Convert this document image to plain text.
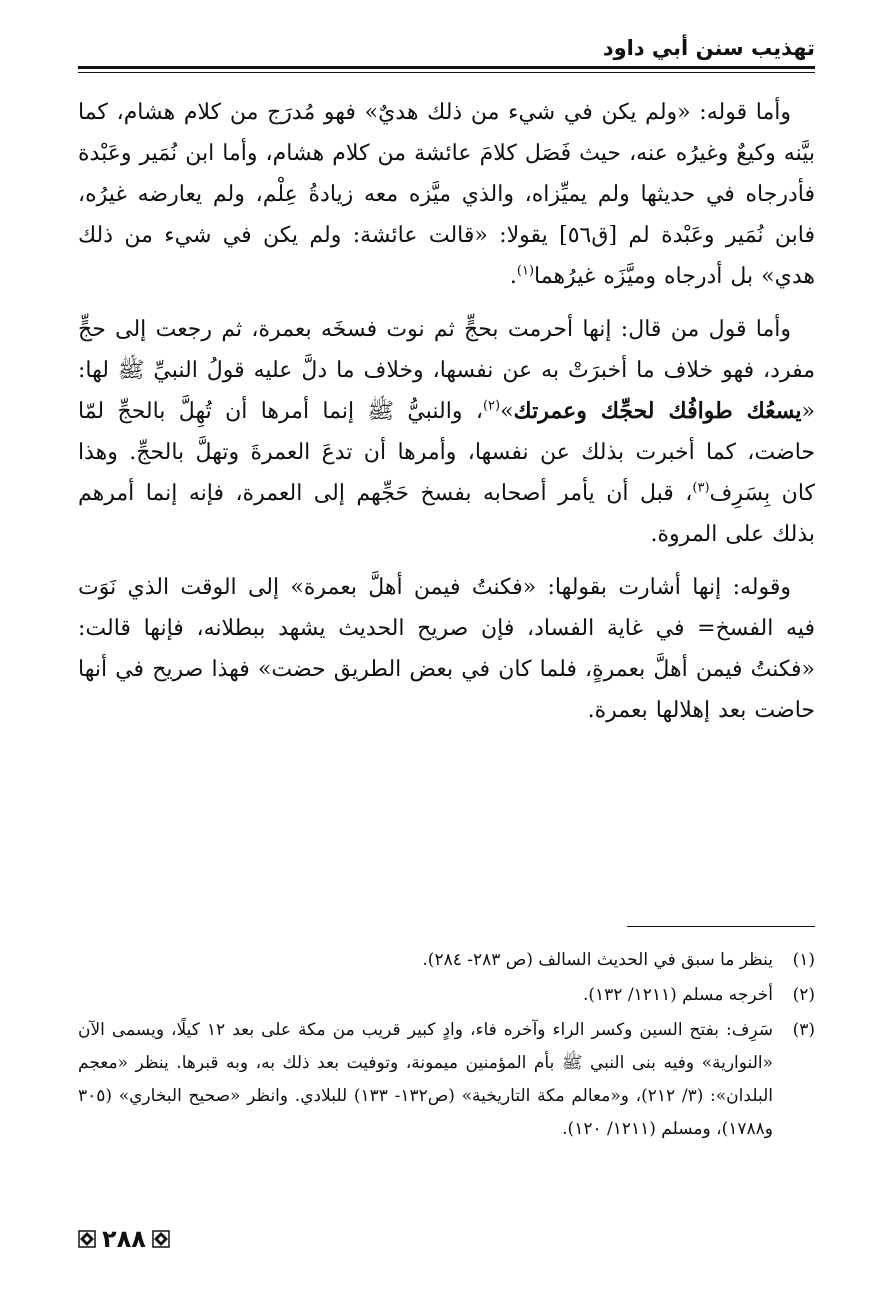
تهذيب سنن أبي داود

وأما قوله: «ولم يكن في شيء من ذلك هديٌ» فهو مُدرَج من كلام هشام، كما بيَّنه وكيعٌ وغيرُه عنه، حيث فَصَل كلامَ عائشة من كلام هشام، وأما ابن نُمَير وعَبْدة فأدرجاه في حديثها ولم يميِّزاه، والذي ميَّزه معه زيادةُ عِلْم، ولم يعارضه غيرُه، فابن نُمَير وعَبْدة لم [ق٥٦] يقولا: «قالت عائشة: ولم يكن في شيء من ذلك هدي» بل أدرجاه وميَّزَه غيرُهما$^{(١)}$.

وأما قول من قال: إنها أحرمت بحجٍّ ثم نوت فسخَه بعمرة، ثم رجعت إلى حجٍّ مفرد، فهو خلاف ما أخبرَتْ به عن نفسها، وخلاف ما دلَّ عليه قولُ النبيِّ ﷺ لها: «يسعُك طوافُك لحجِّك وعمرتك»$^{(٢)}$، والنبيُّ ﷺ إنما أمرها أن تُهِلَّ بالحجِّ لمّا حاضت، كما أخبرت بذلك عن نفسها، وأمرها أن تدعَ العمرةَ وتهلَّ بالحجِّ. وهذا كان بِسَرِف$^{(٣)}$، قبل أن يأمر أصحابه بفسخ حَجِّهم إلى العمرة، فإنه إنما أمرهم بذلك على المروة.

وقوله: إنها أشارت بقولها: «فكنتُ فيمن أهلَّ بعمرة» إلى الوقت الذي نَوَت فيه الفسخ= في غاية الفساد، فإن صريح الحديث يشهد ببطلانه، فإنها قالت: «فكنتُ فيمن أهلَّ بعمرةٍ، فلما كان في بعض الطريق حضت» فهذا صريح في أنها حاضت بعد إهلالها بعمرة.

(١)
ينظر ما سبق في الحديث السالف (ص ٢٨٣- ٢٨٤).
(٢)
أخرجه مسلم (١٢١١/ ١٣٢).
(٣)
سَرِف: بفتح السين وكسر الراء وآخره فاء، وادٍ كبير قريب من مكة على بعد ١٢ كيلًا، ويسمى الآن «النوارية» وفيه بنى النبي ﷺ بأم المؤمنين ميمونة، وتوفيت بعد ذلك به، وبه قبرها. ينظر «معجم البلدان»: (٣/ ٢١٢)، و«معالم مكة التاريخية» (ص١٣٢- ١٣٣) للبلادي. وانظر «صحيح البخاري» (٣٠٥ و١٧٨٨)، ومسلم (١٢١١/ ١٢٠).
٢٨٨
